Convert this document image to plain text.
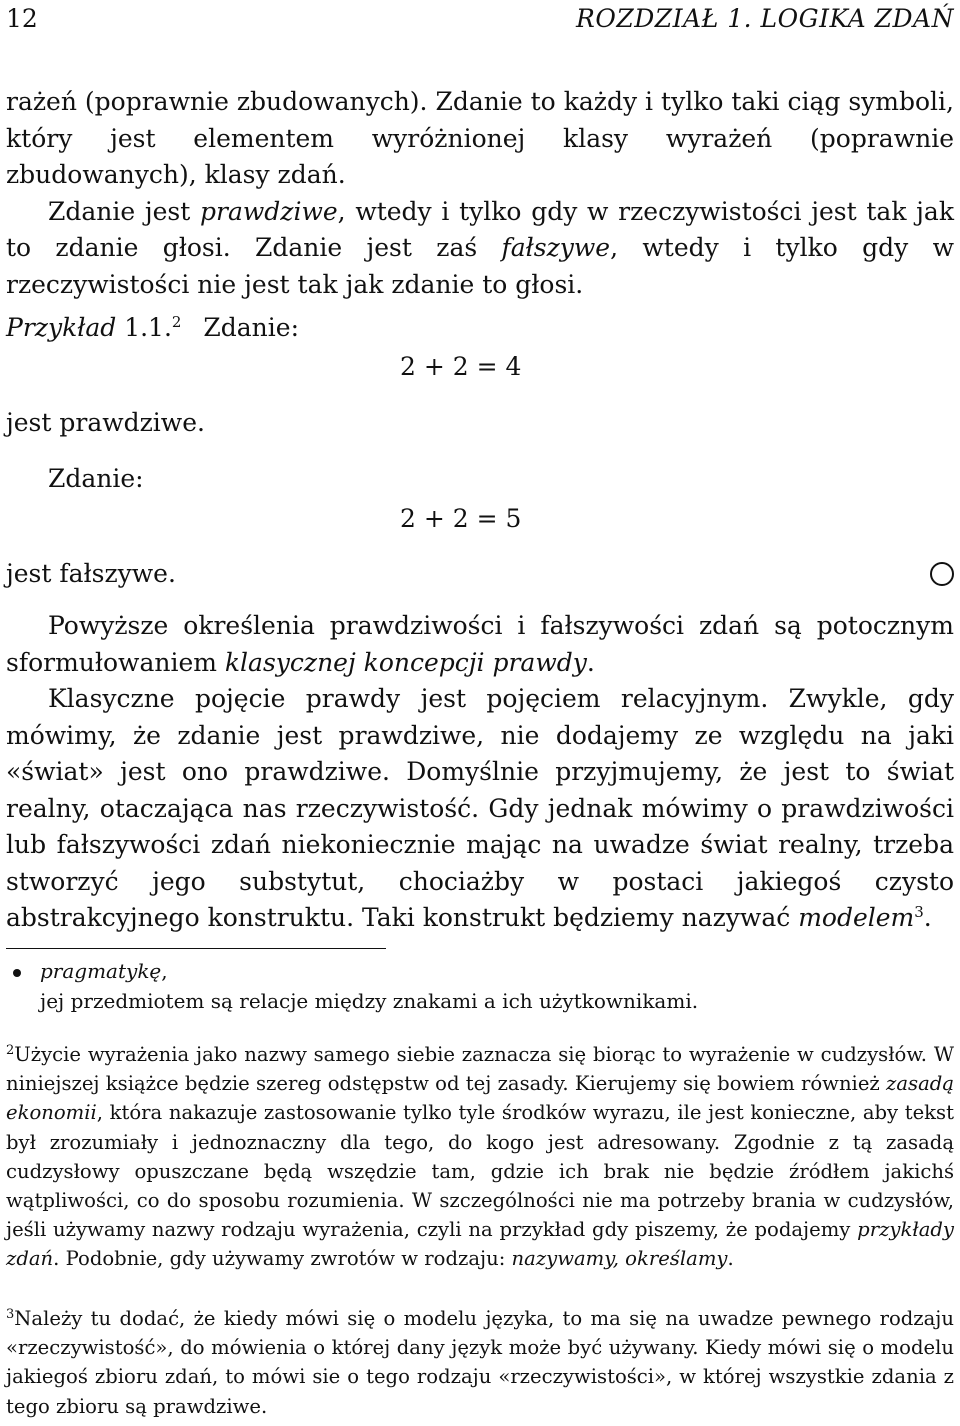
12	ROZDZIAŁ 1. LOGIKA ZDAŃ

rażeń (poprawnie zbudowanych). Zdanie to każdy i tylko taki ciąg symboli, który jest elementem wyróżnionej klasy wyrażeń (poprawnie zbudowanych), klasy zdań.

Zdanie jest prawdziwe, wtedy i tylko gdy w rzeczywistości jest tak jak to zdanie głosi. Zdanie jest zaś fałszywe, wtedy i tylko gdy w rzeczywistości nie jest tak jak zdanie to głosi.

Przykład 1.1.$^2$ Zdanie:
2 + 2 = 4
jest prawdziwe.
Zdanie:
2 + 2 = 5
jest fałszywe.

Powyższe określenia prawdziwości i fałszywości zdań są potocznym sformułowaniem klasycznej koncepcji prawdy.

Klasyczne pojęcie prawdy jest pojęciem relacyjnym. Zwykle, gdy mówimy, że zdanie jest prawdziwe, nie dodajemy ze względu na jaki «świat» jest ono prawdziwe. Domyślnie przyjmujemy, że jest to świat realny, otaczająca nas rzeczywistość. Gdy jednak mówimy o prawdziwości lub fałszywości zdań niekoniecznie mając na uwadze świat realny, trzeba stworzyć jego substytut, chociażby w postaci jakiegoś czysto abstrakcyjnego konstruktu. Taki konstrukt będziemy nazywać modelem$^3$.

pragmatykę,
jej przedmiotem są relacje między znakami a ich użytkownikami.
$^2$Użycie wyrażenia jako nazwy samego siebie zaznacza się biorąc to wyrażenie w cudzysłów. W niniejszej książce będzie szereg odstępstw od tej zasady. Kierujemy się bowiem również zasadą ekonomii, która nakazuje zastosowanie tylko tyle środków wyrazu, ile jest konieczne, aby tekst był zrozumiały i jednoznaczny dla tego, do kogo jest adresowany. Zgodnie z tą zasadą cudzysłowy opuszczane będą wszędzie tam, gdzie ich brak nie będzie źródłem jakichś wątpliwości, co do sposobu rozumienia. W szczególności nie ma potrzeby brania w cudzysłów, jeśli używamy nazwy rodzaju wyrażenia, czyli na przykład gdy piszemy, że podajemy przykłady zdań. Podobnie, gdy używamy zwrotów w rodzaju: nazywamy, określamy.
$^3$Należy tu dodać, że kiedy mówi się o modelu języka, to ma się na uwadze pewnego rodzaju «rzeczywistość», do mówienia o której dany język może być używany. Kiedy mówi się o modelu jakiegoś zbioru zdań, to mówi sie o tego rodzaju «rzeczywistości», w której wszystkie zdania z tego zbioru są prawdziwe.
